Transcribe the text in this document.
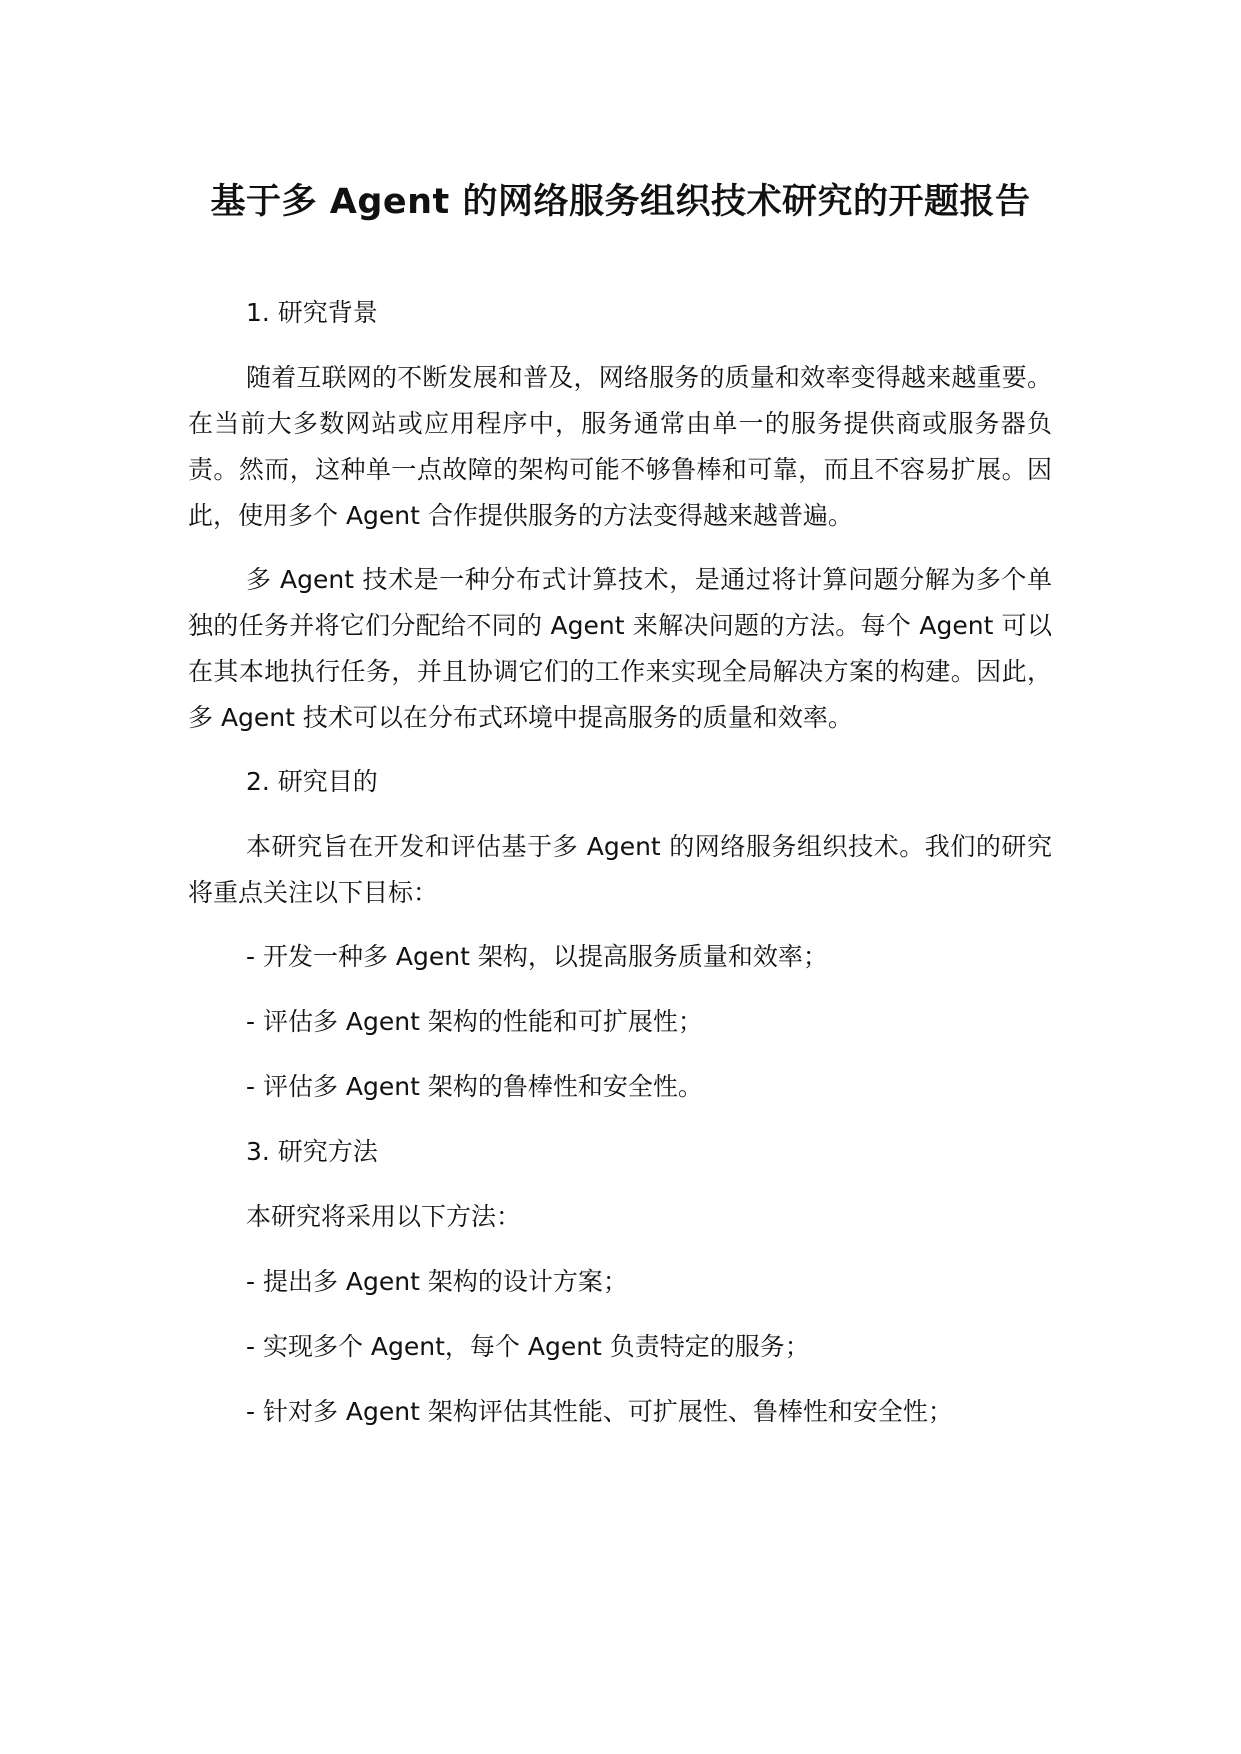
基于多 Agent 的网络服务组织技术研究的开题报告
1. 研究背景

随着互联网的不断发展和普及，网络服务的质量和效率变得越来越重要。在当前大多数网站或应用程序中，服务通常由单一的服务提供商或服务器负责。然而，这种单一点故障的架构可能不够鲁棒和可靠，而且不容易扩展。因此，使用多个 Agent 合作提供服务的方法变得越来越普遍。

多 Agent 技术是一种分布式计算技术，是通过将计算问题分解为多个单独的任务并将它们分配给不同的 Agent 来解决问题的方法。每个 Agent 可以在其本地执行任务，并且协调它们的工作来实现全局解决方案的构建。因此，多 Agent 技术可以在分布式环境中提高服务的质量和效率。

2. 研究目的

本研究旨在开发和评估基于多 Agent 的网络服务组织技术。我们的研究将重点关注以下目标：

- 开发一种多 Agent 架构，以提高服务质量和效率；
- 评估多 Agent 架构的性能和可扩展性；
- 评估多 Agent 架构的鲁棒性和安全性。
3. 研究方法
本研究将采用以下方法：
- 提出多 Agent 架构的设计方案；
- 实现多个 Agent，每个 Agent 负责特定的服务；
- 针对多 Agent 架构评估其性能、可扩展性、鲁棒性和安全性；
